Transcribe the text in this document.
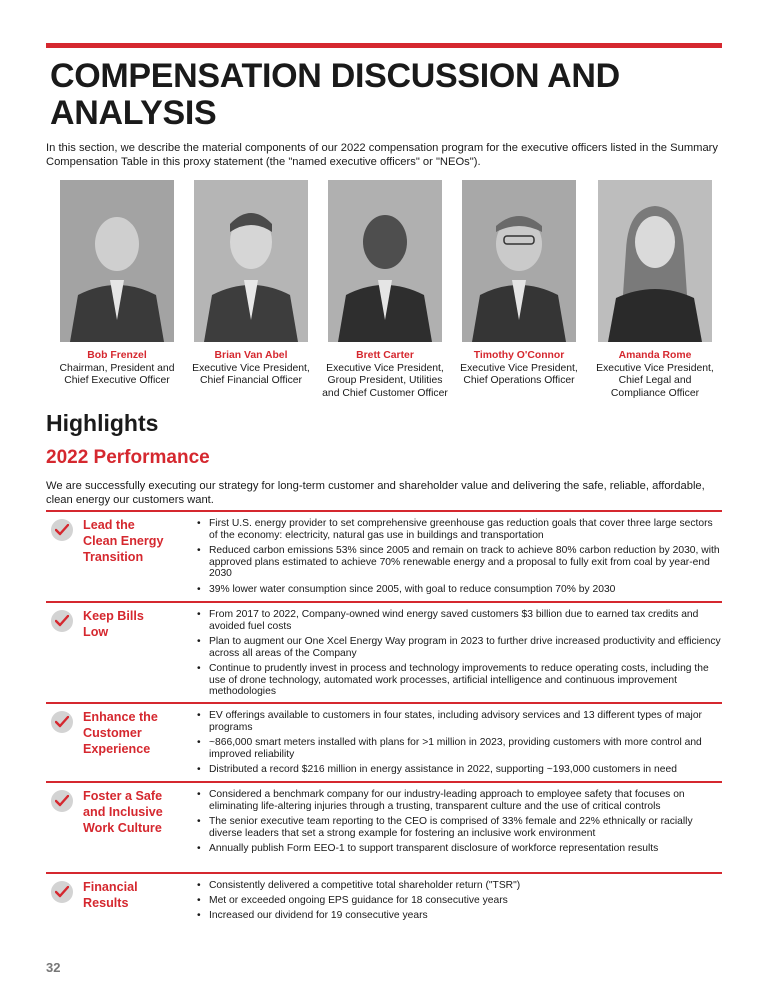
COMPENSATION DISCUSSION AND ANALYSIS

In this section, we describe the material components of our 2022 compensation program for the executive officers listed in the Summary Compensation Table in this proxy statement (the "named executive officers" or "NEOs").

Bob Frenzel
Chairman, President and
Chief Executive Officer
Brian Van Abel
Executive Vice President,
Chief Financial Officer
Brett Carter
Executive Vice President,
Group President, Utilities
and Chief Customer Officer
Timothy O'Connor
Executive Vice President,
Chief Operations Officer
Amanda Rome
Executive Vice President,
Chief Legal and
Compliance Officer
Highlights
2022 Performance

We are successfully executing our strategy for long-term customer and shareholder value and delivering the safe, reliable, affordable, clean energy our customers want.

Lead the
Clean Energy
Transition
• First U.S. energy provider to set comprehensive greenhouse gas reduction goals that cover three large sectors of the economy: electricity, natural gas use in buildings and transportation
• Reduced carbon emissions 53% since 2005 and remain on track to achieve 80% carbon reduction by 2030, with approved plans estimated to achieve 70% renewable energy and a proposal to fully exit from coal by year-end 2030
• 39% lower water consumption since 2005, with goal to reduce consumption 70% by 2030
Keep Bills
Low
• From 2017 to 2022, Company-owned wind energy saved customers $3 billion due to earned tax credits and avoided fuel costs
• Plan to augment our One Xcel Energy Way program in 2023 to further drive increased productivity and efficiency across all areas of the Company
• Continue to prudently invest in process and technology improvements to reduce operating costs, including the use of drone technology, automated work processes, artificial intelligence and continuous improvement methodologies
Enhance the
Customer
Experience
• EV offerings available to customers in four states, including advisory services and 13 different types of major programs
• ~866,000 smart meters installed with plans for >1 million in 2023, providing customers with more control and improved reliability
• Distributed a record $216 million in energy assistance in 2022, supporting ~193,000 customers in need
Foster a Safe
and Inclusive
Work Culture
• Considered a benchmark company for our industry-leading approach to employee safety that focuses on eliminating life-altering injuries through a trusting, transparent culture and the use of critical controls
• The senior executive team reporting to the CEO is comprised of 33% female and 22% ethnically or racially diverse leaders that set a strong example for fostering an inclusive work environment
• Annually publish Form EEO-1 to support transparent disclosure of workforce representation results
Financial
Results
• Consistently delivered a competitive total shareholder return ("TSR")
• Met or exceeded ongoing EPS guidance for 18 consecutive years
• Increased our dividend for 19 consecutive years
32
